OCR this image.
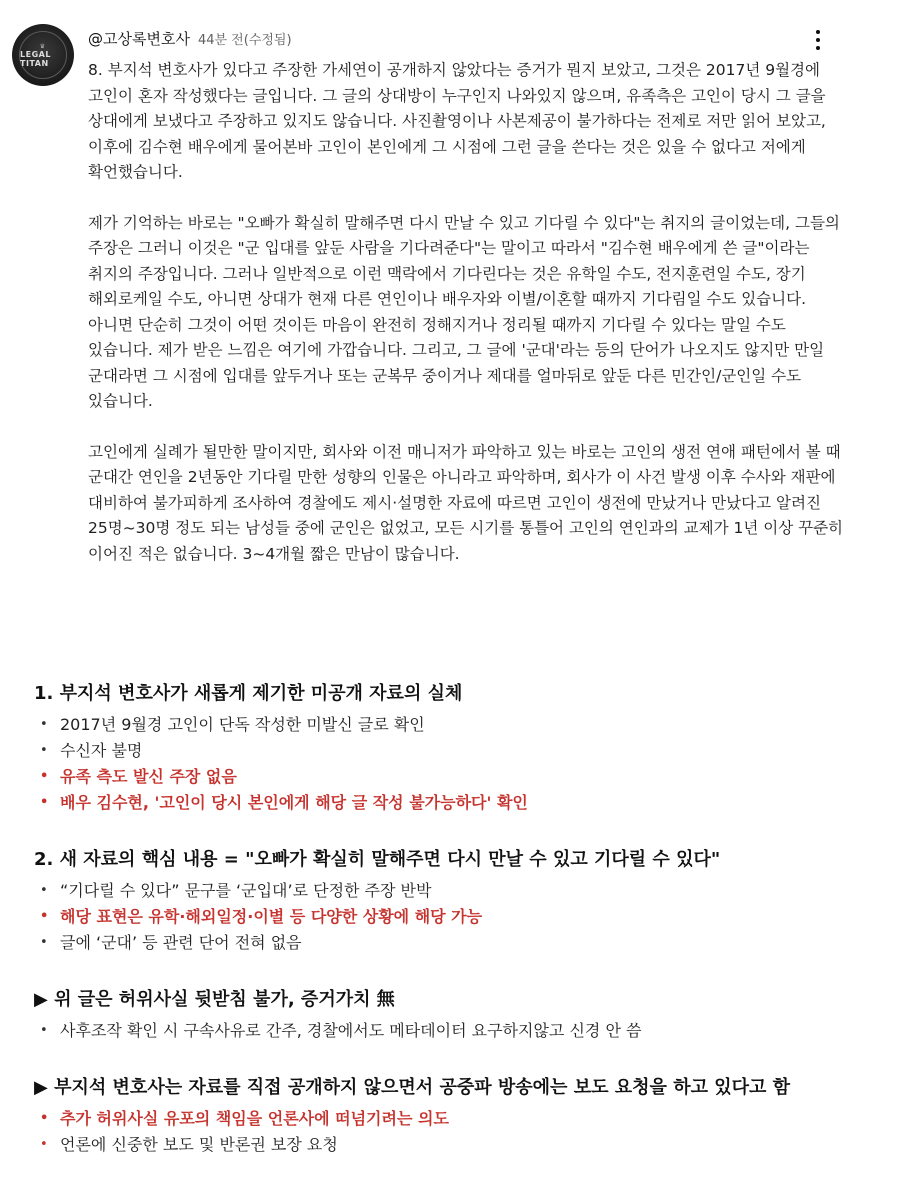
♛
LEGAL TITAN
@고상록변호사 44분 전(수정됨)

8. 부지석 변호사가 있다고 주장한 가세연이 공개하지 않았다는 증거가 뭔지 보았고, 그것은 2017년 9월경에 고인이 혼자 작성했다는 글입니다. 그 글의 상대방이 누구인지 나와있지 않으며, 유족측은 고인이 당시 그 글을 상대에게 보냈다고 주장하고 있지도 않습니다. 사진촬영이나 사본제공이 불가하다는 전제로 저만 읽어 보았고, 이후에 김수현 배우에게 물어본바 고인이 본인에게 그 시점에 그런 글을 쓴다는 것은 있을 수 없다고 저에게 확언했습니다.

제가 기억하는 바로는 "오빠가 확실히 말해주면 다시 만날 수 있고 기다릴 수 있다"는 취지의 글이었는데, 그들의 주장은 그러니 이것은 "군 입대를 앞둔 사람을 기다려준다"는 말이고 따라서 "김수현 배우에게 쓴 글"이라는 취지의 주장입니다. 그러나 일반적으로 이런 맥락에서 기다린다는 것은 유학일 수도, 전지훈련일 수도, 장기 해외로케일 수도, 아니면 상대가 현재 다른 연인이나 배우자와 이별/이혼할 때까지 기다림일 수도 있습니다. 아니면 단순히 그것이 어떤 것이든 마음이 완전히 정해지거나 정리될 때까지 기다릴 수 있다는 말일 수도 있습니다. 제가 받은 느낌은 여기에 가깝습니다. 그리고, 그 글에 '군대'라는 등의 단어가 나오지도 않지만 만일 군대라면 그 시점에 입대를 앞두거나 또는 군복무 중이거나 제대를 얼마뒤로 앞둔 다른 민간인/군인일 수도 있습니다.

고인에게 실례가 될만한 말이지만, 회사와 이전 매니저가 파악하고 있는 바로는 고인의 생전 연애 패턴에서 볼 때 군대간 연인을 2년동안 기다릴 만한 성향의 인물은 아니라고 파악하며, 회사가 이 사건 발생 이후 수사와 재판에 대비하여 불가피하게 조사하여 경찰에도 제시·설명한 자료에 따르면 고인이 생전에 만났거나 만났다고 알려진 25명~30명 정도 되는 남성들 중에 군인은 없었고, 모든 시기를 통틀어 고인의 연인과의 교제가 1년 이상 꾸준히 이어진 적은 없습니다. 3~4개월 짧은 만남이 많습니다.

1. 부지석 변호사가 새롭게 제기한 미공개 자료의 실체
• 2017년 9월경 고인이 단독 작성한 미발신 글로 확인
• 수신자 불명
• 유족 측도 발신 주장 없음
• 배우 김수현, '고인이 당시 본인에게 해당 글 작성 불가능하다' 확인
2. 새 자료의 핵심 내용 = "오빠가 확실히 말해주면 다시 만날 수 있고 기다릴 수 있다"
• “기다릴 수 있다” 문구를 ‘군입대’로 단정한 주장 반박
• 해당 표현은 유학·해외일정·이별 등 다양한 상황에 해당 가능
• 글에 ‘군대’ 등 관련 단어 전혀 없음
▶ 위 글은 허위사실 뒷받침 불가, 증거가치 無
• 사후조작 확인 시 구속사유로 간주, 경찰에서도 메타데이터 요구하지않고 신경 안 씀
▶ 부지석 변호사는 자료를 직접 공개하지 않으면서 공중파 방송에는 보도 요청을 하고 있다고 함
• 추가 허위사실 유포의 책임을 언론사에 떠넘기려는 의도
• 언론에 신중한 보도 및 반론권 보장 요청
